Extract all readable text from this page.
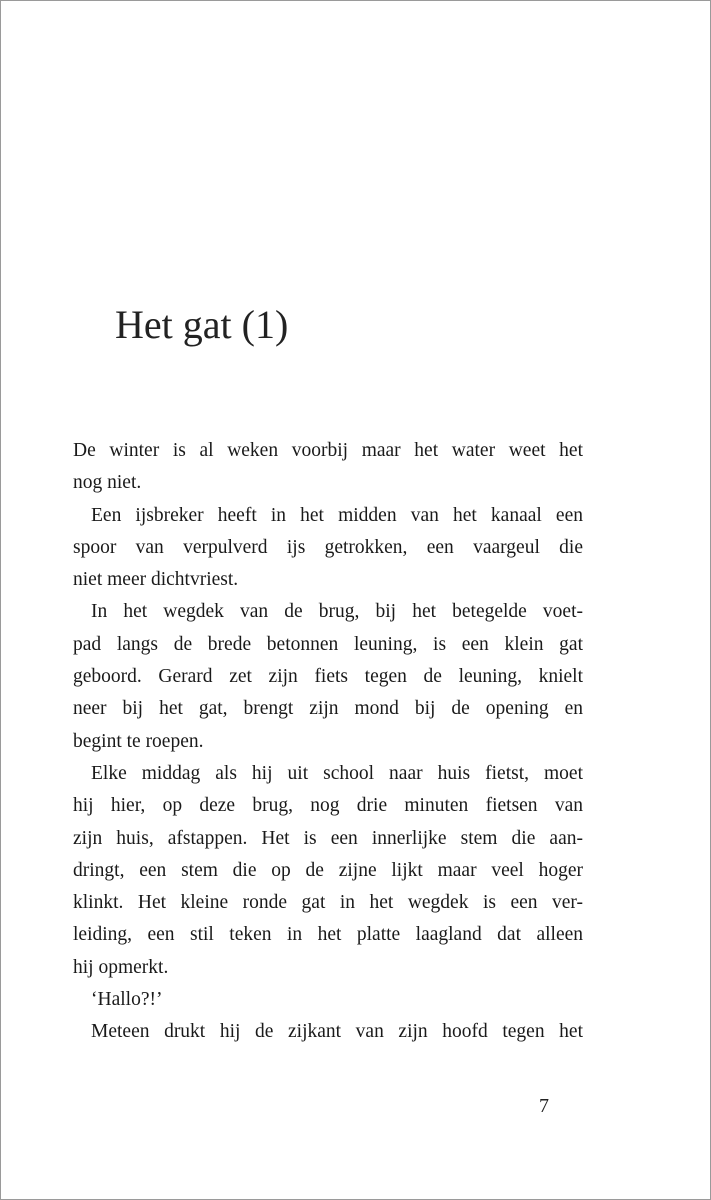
Het gat (1)
De winter is al weken voorbij maar het water weet het
nog niet.
Een ijsbreker heeft in het midden van het kanaal een
spoor van verpulverd ijs getrokken, een vaargeul die
niet meer dichtvriest.
In het wegdek van de brug, bij het betegelde voet-
pad langs de brede betonnen leuning, is een klein gat
geboord. Gerard zet zijn fiets tegen de leuning, knielt
neer bij het gat, brengt zijn mond bij de opening en
begint te roepen.
Elke middag als hij uit school naar huis fietst, moet
hij hier, op deze brug, nog drie minuten fietsen van
zijn huis, afstappen. Het is een innerlijke stem die aan-
dringt, een stem die op de zijne lijkt maar veel hoger
klinkt. Het kleine ronde gat in het wegdek is een ver-
leiding, een stil teken in het platte laagland dat alleen
hij opmerkt.
‘Hallo?!’
Meteen drukt hij de zijkant van zijn hoofd tegen het
7
